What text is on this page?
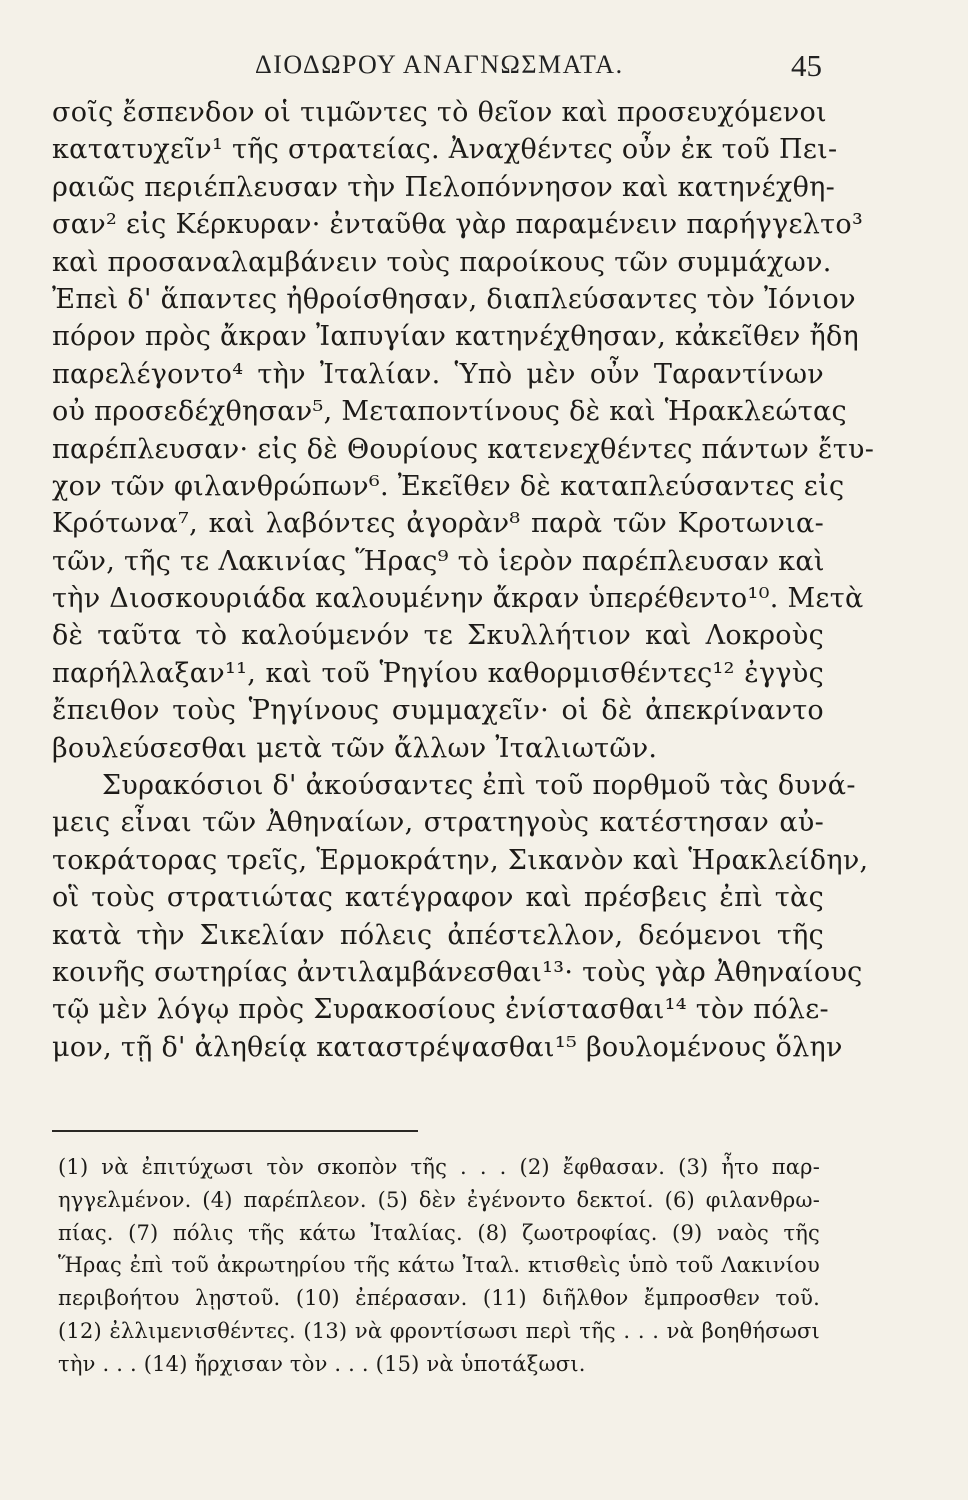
ΔΙΟΔΩΡΟΥ ΑΝΑΓΝΩΣΜΑΤΑ.	45
σοῖς ἔσπενδον οἱ τιμῶντες τὸ θεῖον καὶ προσευχόμενοι
κατατυχεῖν¹ τῆς στρατείας. Ἀναχθέντες οὖν ἐκ τοῦ Πει-
ραιῶς περιέπλευσαν τὴν Πελοπόννησον καὶ κατηνέχθη-
σαν² εἰς Κέρκυραν· ἐνταῦθα γὰρ παραμένειν παρήγγελτο³
καὶ προσαναλαμβάνειν τοὺς παροίκους τῶν συμμάχων.
Ἐπεὶ δ' ἅπαντες ἠθροίσθησαν, διαπλεύσαντες τὸν Ἰόνιον
πόρον πρὸς ἄκραν Ἰαπυγίαν κατηνέχθησαν, κἀκεῖθεν ἤδη
παρελέγοντο⁴ τὴν Ἰταλίαν. Ὑπὸ μὲν οὖν Ταραντίνων
οὐ προσεδέχθησαν⁵, Μεταποντίνους δὲ καὶ Ἡρακλεώτας
παρέπλευσαν· εἰς δὲ Θουρίους κατενεχθέντες πάντων ἔτυ-
χον τῶν φιλανθρώπων⁶. Ἐκεῖθεν δὲ καταπλεύσαντες εἰς
Κρότωνα⁷, καὶ λαβόντες ἀγορὰν⁸ παρὰ τῶν Κροτωνια-
τῶν, τῆς τε Λακινίας Ἥρας⁹ τὸ ἱερὸν παρέπλευσαν καὶ
τὴν Διοσκουριάδα καλουμένην ἄκραν ὑπερέθεντο¹⁰. Μετὰ
δὲ ταῦτα τὸ καλούμενόν τε Σκυλλήτιον καὶ Λοκροὺς
παρήλλαξαν¹¹, καὶ τοῦ Ῥηγίου καθορμισθέντες¹² ἐγγὺς
ἔπειθον τοὺς Ῥηγίνους συμμαχεῖν· οἱ δὲ ἀπεκρίναντο
βουλεύσεσθαι μετὰ τῶν ἄλλων Ἰταλιωτῶν.
Συρακόσιοι δ' ἀκούσαντες ἐπὶ τοῦ πορθμοῦ τὰς δυνά-
μεις εἶναι τῶν Ἀθηναίων, στρατηγοὺς κατέστησαν αὐ-
τοκράτορας τρεῖς, Ἑρμοκράτην, Σικανὸν καὶ Ἡρακλείδην,
οἳ τοὺς στρατιώτας κατέγραφον καὶ πρέσβεις ἐπὶ τὰς
κατὰ τὴν Σικελίαν πόλεις ἀπέστελλον, δεόμενοι τῆς
κοινῆς σωτηρίας ἀντιλαμβάνεσθαι¹³· τοὺς γὰρ Ἀθηναίους
τῷ μὲν λόγῳ πρὸς Συρακοσίους ἐνίστασθαι¹⁴ τὸν πόλε-
μον, τῇ δ' ἀληθείᾳ καταστρέψασθαι¹⁵ βουλομένους ὅλην
(1) νὰ ἐπιτύχωσι τὸν σκοπὸν τῆς . . . (2) ἔφθασαν. (3) ἦτο παρ-
ηγγελμένον. (4) παρέπλεον. (5) δὲν ἐγένοντο δεκτοί. (6) φιλανθρω-
πίας. (7) πόλις τῆς κάτω Ἰταλίας. (8) ζωοτροφίας. (9) ναὸς τῆς
Ἥρας ἐπὶ τοῦ ἀκρωτηρίου τῆς κάτω Ἰταλ. κτισθεὶς ὑπὸ τοῦ Λακινίου
περιβοήτου λῃστοῦ. (10) ἐπέρασαν. (11) διῆλθον ἔμπροσθεν τοῦ.
(12) ἐλλιμενισθέντες. (13) νὰ φροντίσωσι περὶ τῆς . . . νὰ βοηθήσωσι
τὴν . . . (14) ἤρχισαν τὸν . . . (15) νὰ ὑποτάξωσι.
